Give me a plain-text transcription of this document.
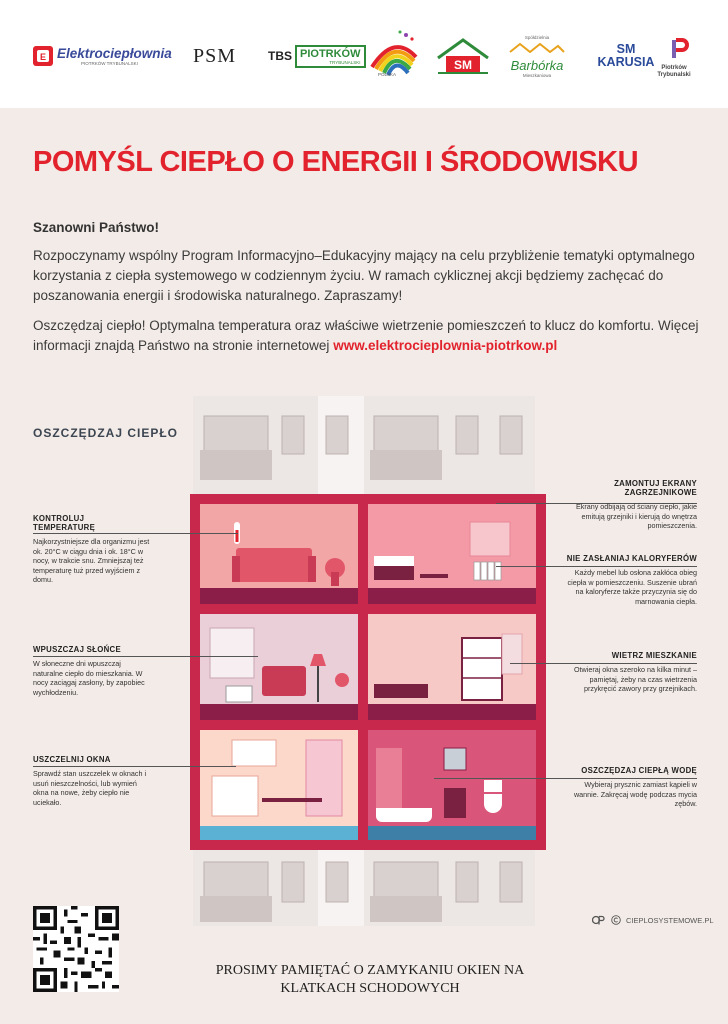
E Elektrociepłownia
PIOTRKÓW TRYBUNALSKI	PSM	TBS PIOTRKÓW
TRYBUNALSKI
POLSKA
SM
Spółdzielnia
Barbórka
Mieszkaniowa
SM KARUSIA	Piotrków Trybunalski
POMYŚL CIEPŁO O ENERGII I ŚRODOWISKU
Szanowni Państwo!
Rozpoczynamy wspólny Program Informacyjno–Edukacyjny mający na celu przybliżenie tematyki optymalnego korzystania z ciepła systemowego w codziennym życiu. W ramach cyklicznej akcji będziemy zachęcać do poszanowania energii i środowiska naturalnego. Zapraszamy!
Oszczędzaj ciepło! Optymalna temperatura oraz właściwe wietrzenie pomieszczeń to klucz do komfortu. Więcej informacji znajdą Państwo na stronie internetowej www.elektrocieplownia-piotrkow.pl
OSZCZĘDZAJ CIEPŁO
KONTROLUJ TEMPERATURĘ
Najkorzystniejsze dla organizmu jest ok. 20°C w ciągu dnia i ok. 18°C w nocy, w trakcie snu. Zmniejszaj też temperaturę tuż przed wyjściem z domu.
WPUSZCZAJ SŁOŃCE
W słoneczne dni wpuszczaj naturalne ciepło do mieszkania. W nocy zaciągaj zasłony, by zapobiec wychłodzeniu.
USZCZELNIJ OKNA
Sprawdź stan uszczelek w oknach i usuń nieszczelności, lub wymień okna na nowe, żeby ciepło nie uciekało.
ZAMONTUJ EKRANY ZAGRZEJNIKOWE
Ekrany odbijają od ściany ciepło, jakie emitują grzejniki i kierują do wnętrza pomieszczenia.
NIE ZASŁANIAJ KALORYFERÓW
Każdy mebel lub osłona zakłóca obieg ciepła w pomieszczeniu. Suszenie ubrań na kaloryferze także przyczynia się do marnowania ciepła.
WIETRZ MIESZKANIE
Otwieraj okna szeroko na kilka minut – pamiętaj, żeby na czas wietrzenia przykręcić zawory przy grzejnikach.
OSZCZĘDZAJ CIEPŁĄ WODĘ
Wybieraj prysznic zamiast kąpieli w wannie. Zakręcaj wodę podczas mycia zębów.
CIEPLOSYSTEMOWE.PL
PROSIMY PAMIĘTAĆ O ZAMYKANIU OKIEN NA KLATKACH SCHODOWYCH
